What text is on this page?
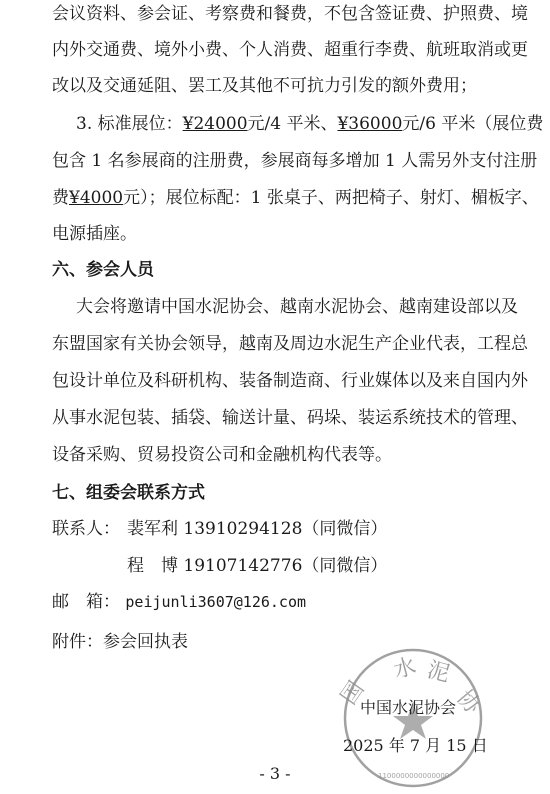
会议资料、参会证、考察费和餐费，不包含签证费、护照费、境
内外交通费、境外小费、个人消费、超重行李费、航班取消或更
改以及交通延阻、罢工及其他不可抗力引发的额外费用；
3. 标准展位：¥24000元/4 平米、¥36000元/6 平米（展位费
包含 1 名参展商的注册费，参展商每多增加 1 人需另外支付注册
费¥4000元）；展位标配：1 张桌子、两把椅子、射灯、楣板字、
电源插座。
六、参会人员
大会将邀请中国水泥协会、越南水泥协会、越南建设部以及
东盟国家有关协会领导，越南及周边水泥生产企业代表，工程总
包设计单位及科研机构、装备制造商、行业媒体以及来自国内外
从事水泥包装、插袋、输送计量、码垛、装运系统技术的管理、
设备采购、贸易投资公司和金融机构代表等。
七、组委会联系方式
联系人： 裴军利 13910294128（同微信）
程　博 19107142776（同微信）
邮　箱： peijunli3607@126.com
附件：参会回执表
水 泥
国	协
1100000000000000
中国水泥协会
2025 年 7 月 15 日
- 3 -
